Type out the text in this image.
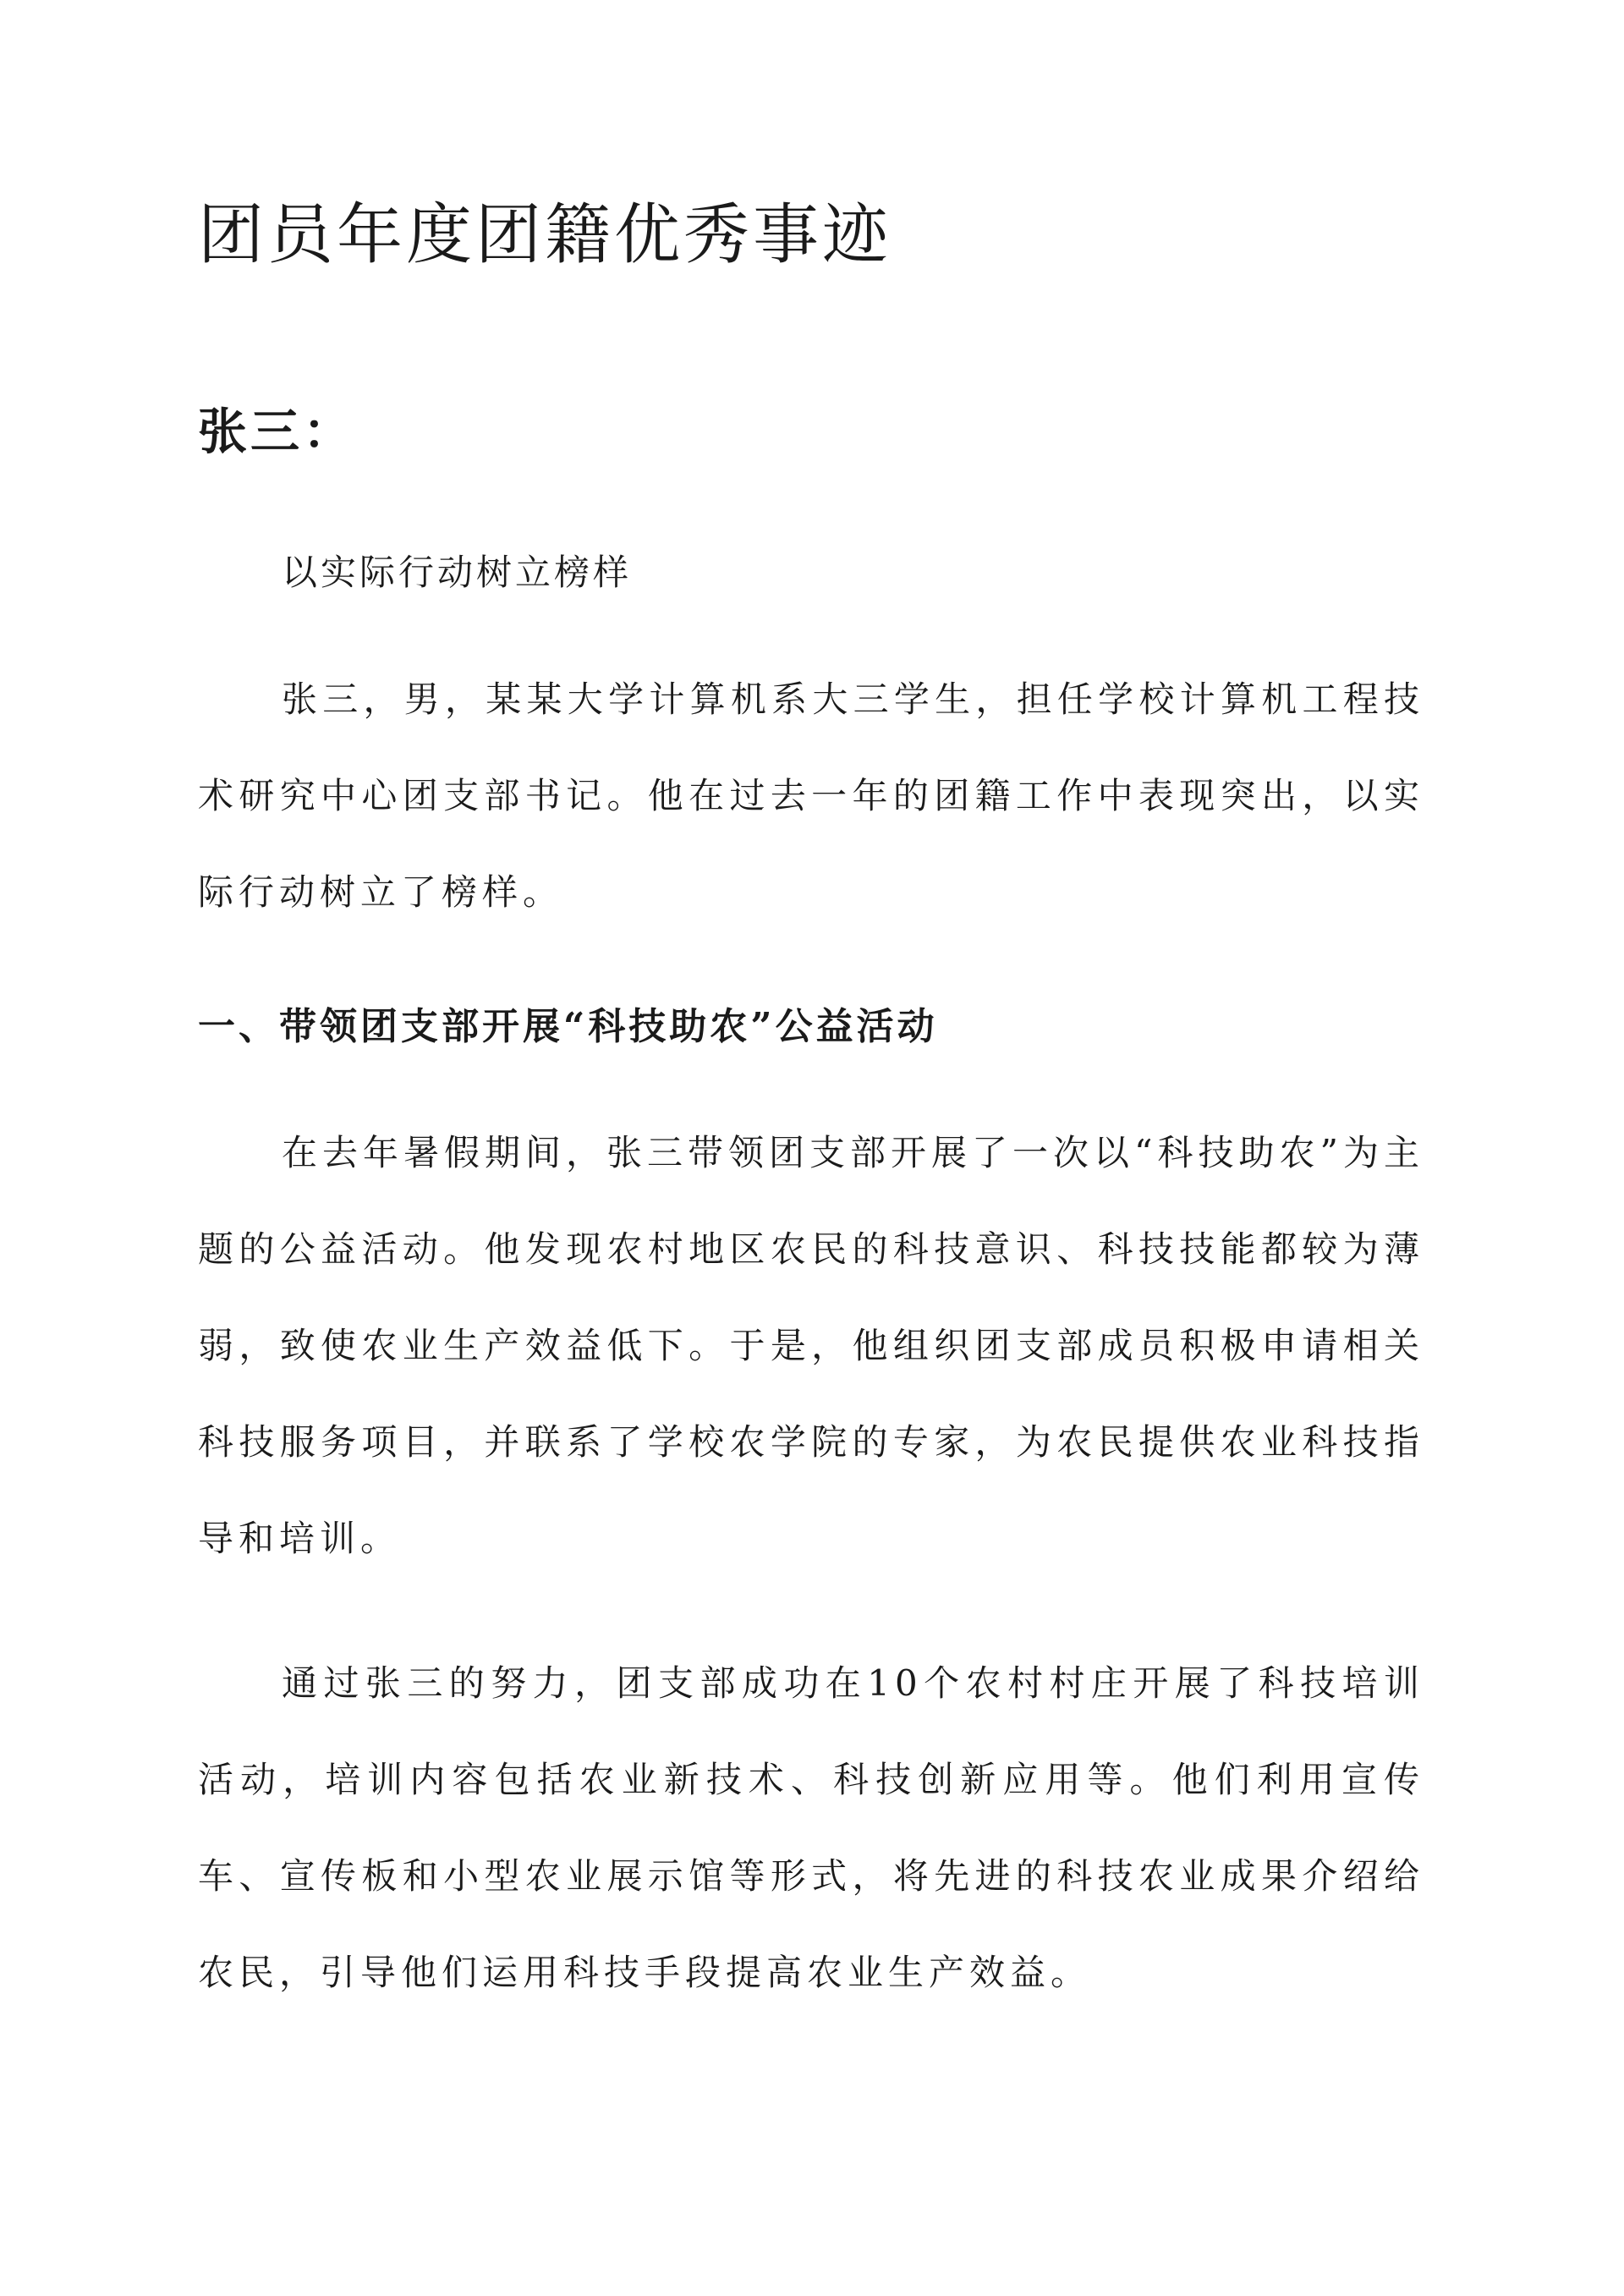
团员年度团籍优秀事迹
张三：

以实际行动树立榜样

张三，男，某某大学计算机系大三学生，担任学校计算机工程技术研究中心团支部书记。他在过去一年的团籍工作中表现突出，以实际行动树立了榜样。

一、带领团支部开展“科技助农”公益活动

在去年暑假期间，张三带领团支部开展了一次以“科技助农”为主题的公益活动。他发现农村地区农民的科技意识、科技技能都较为薄弱，致使农业生产效益低下。于是，他组织团支部成员积极申请相关科技服务项目，并联系了学校农学院的专家，为农民提供农业科技指导和培训。

通过张三的努力，团支部成功在10个农村村庄开展了科技培训活动，培训内容包括农业新技术、科技创新应用等。他们利用宣传车、宣传板和小型农业展示馆等形式，将先进的科技农业成果介绍给农民，引导他们运用科技手段提高农业生产效益。
